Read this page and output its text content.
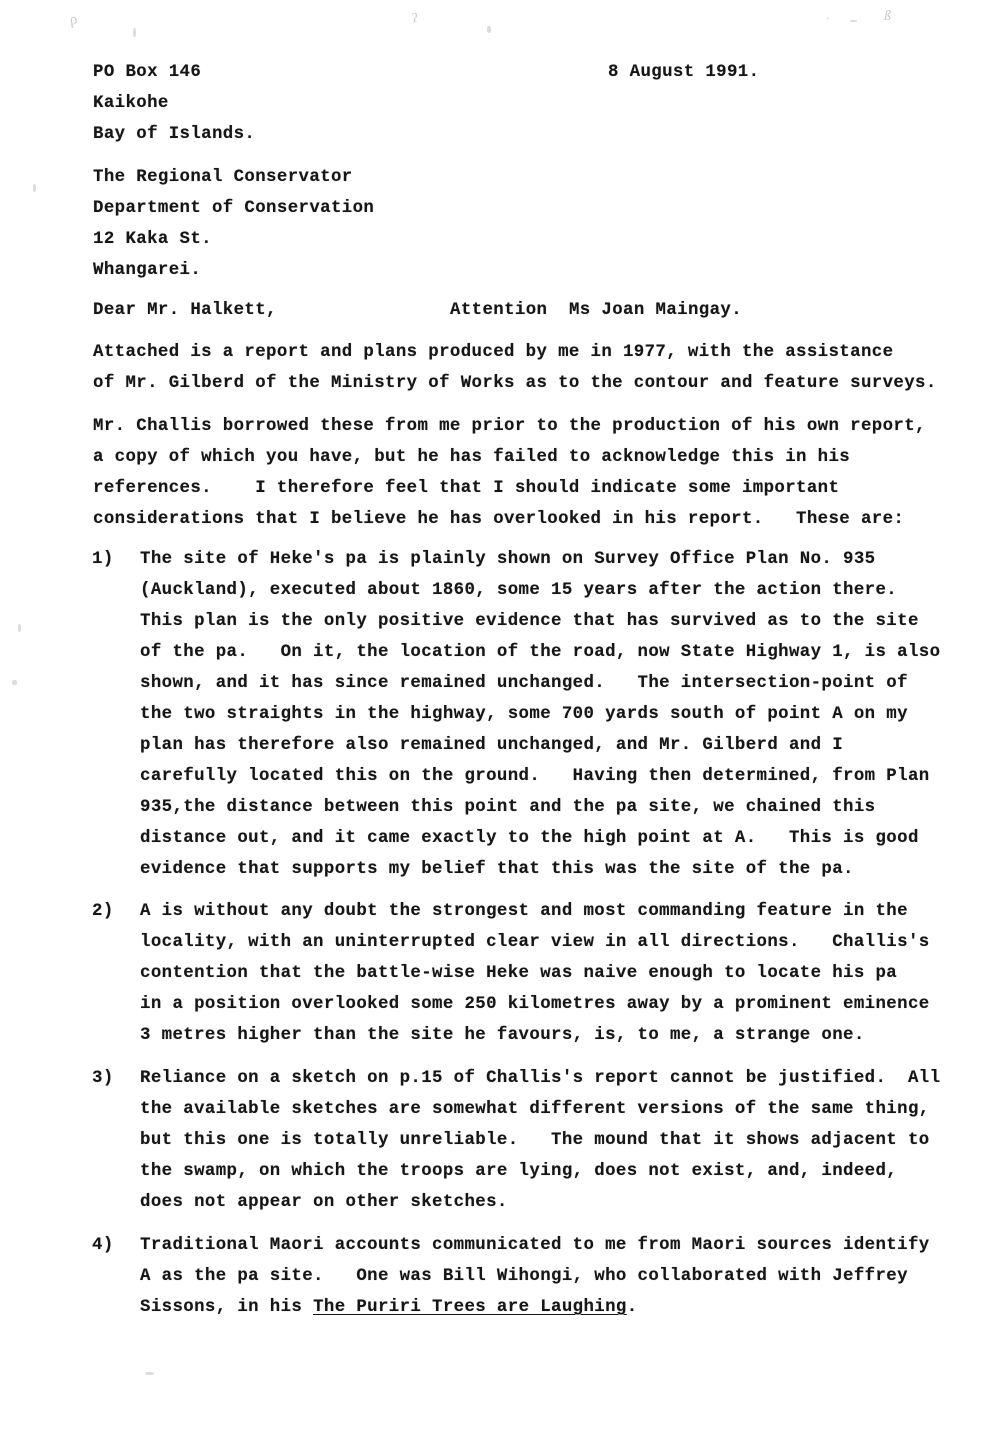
ρ	ʔ	·	ß
PO Box 146
Kaikohe
Bay of Islands.
8 August 1991.
The Regional Conservator
Department of Conservation
12 Kaka St.
Whangarei.
Dear Mr. Halkett,	Attention  Ms Joan Maingay.
Attached is a report and plans produced by me in 1977, with the assistance
of Mr. Gilberd of the Ministry of Works as to the contour and feature surveys.
Mr. Challis borrowed these from me prior to the production of his own report,
a copy of which you have, but he has failed to acknowledge this in his
references.    I therefore feel that I should indicate some important
considerations that I believe he has overlooked in his report.   These are:
1) The site of Heke's pa is plainly shown on Survey Office Plan No. 935
(Auckland), executed about 1860, some 15 years after the action there.
This plan is the only positive evidence that has survived as to the site
of the pa.   On it, the location of the road, now State Highway 1, is also
shown, and it has since remained unchanged.   The intersection-point of
the two straights in the highway, some 700 yards south of point A on my
plan has therefore also remained unchanged, and Mr. Gilberd and I
carefully located this on the ground.   Having then determined, from Plan
935,the distance between this point and the pa site, we chained this
distance out, and it came exactly to the high point at A.   This is good
evidence that supports my belief that this was the site of the pa.
2) A is without any doubt the strongest and most commanding feature in the
locality, with an uninterrupted clear view in all directions.   Challis's
contention that the battle-wise Heke was naive enough to locate his pa
in a position overlooked some 250 kilometres away by a prominent eminence
3 metres higher than the site he favours, is, to me, a strange one.
3) Reliance on a sketch on p.15 of Challis's report cannot be justified.  All
the available sketches are somewhat different versions of the same thing,
but this one is totally unreliable.   The mound that it shows adjacent to
the swamp, on which the troops are lying, does not exist, and, indeed,
does not appear on other sketches.
4) Traditional Maori accounts communicated to me from Maori sources identify
A as the pa site.   One was Bill Wihongi, who collaborated with Jeffrey
Sissons, in his The Puriri Trees are Laughing.
